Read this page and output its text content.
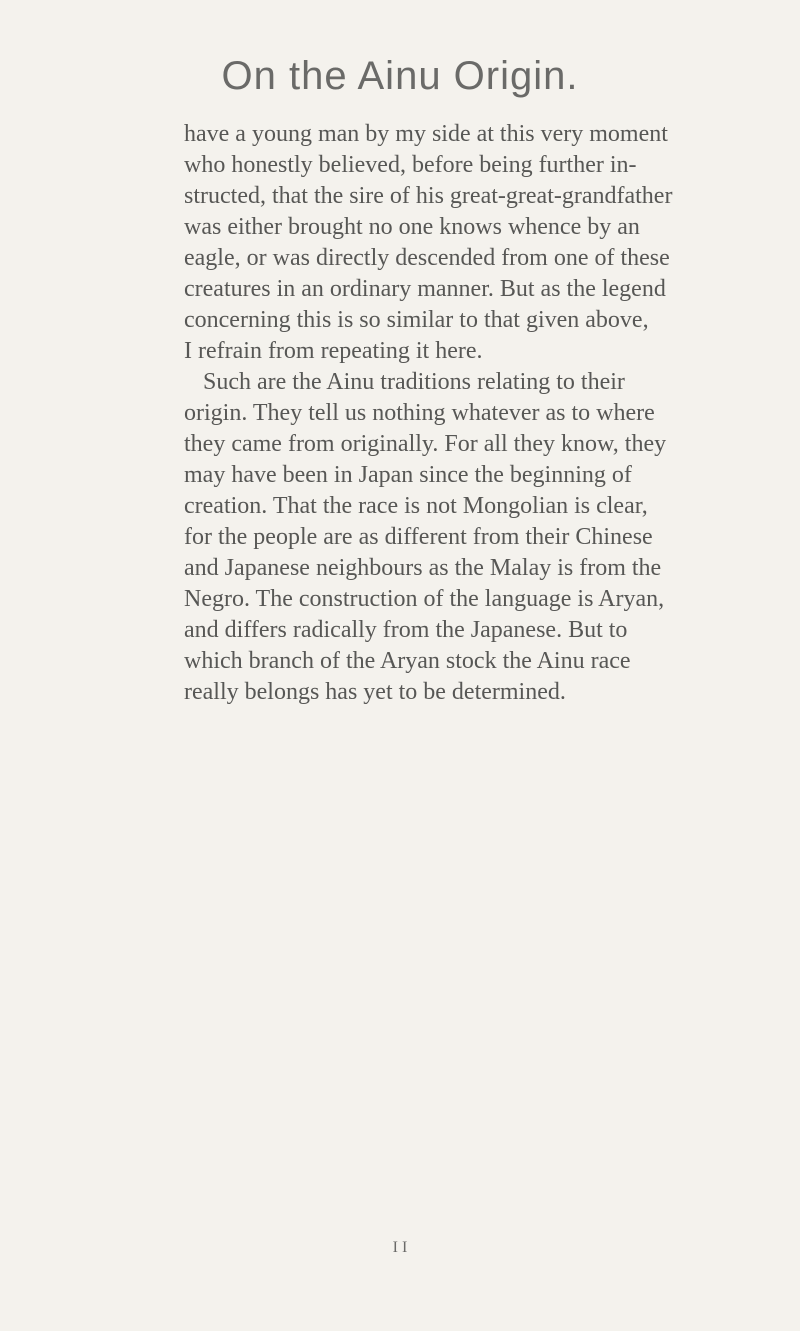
On the Ainu Origin.
have a young man by my side at this very moment
who honestly believed, before being further in-
structed, that the sire of his great-great-grandfather
was either brought no one knows whence by an
eagle, or was directly descended from one of these
creatures in an ordinary manner. But as the legend
concerning this is so similar to that given above,
I refrain from repeating it here.
Such are the Ainu traditions relating to their
origin. They tell us nothing whatever as to where
they came from originally. For all they know, they
may have been in Japan since the beginning of
creation. That the race is not Mongolian is clear,
for the people are as different from their Chinese
and Japanese neighbours as the Malay is from the
Negro. The construction of the language is Aryan,
and differs radically from the Japanese. But to
which branch of the Aryan stock the Ainu race
really belongs has yet to be determined.
I I
